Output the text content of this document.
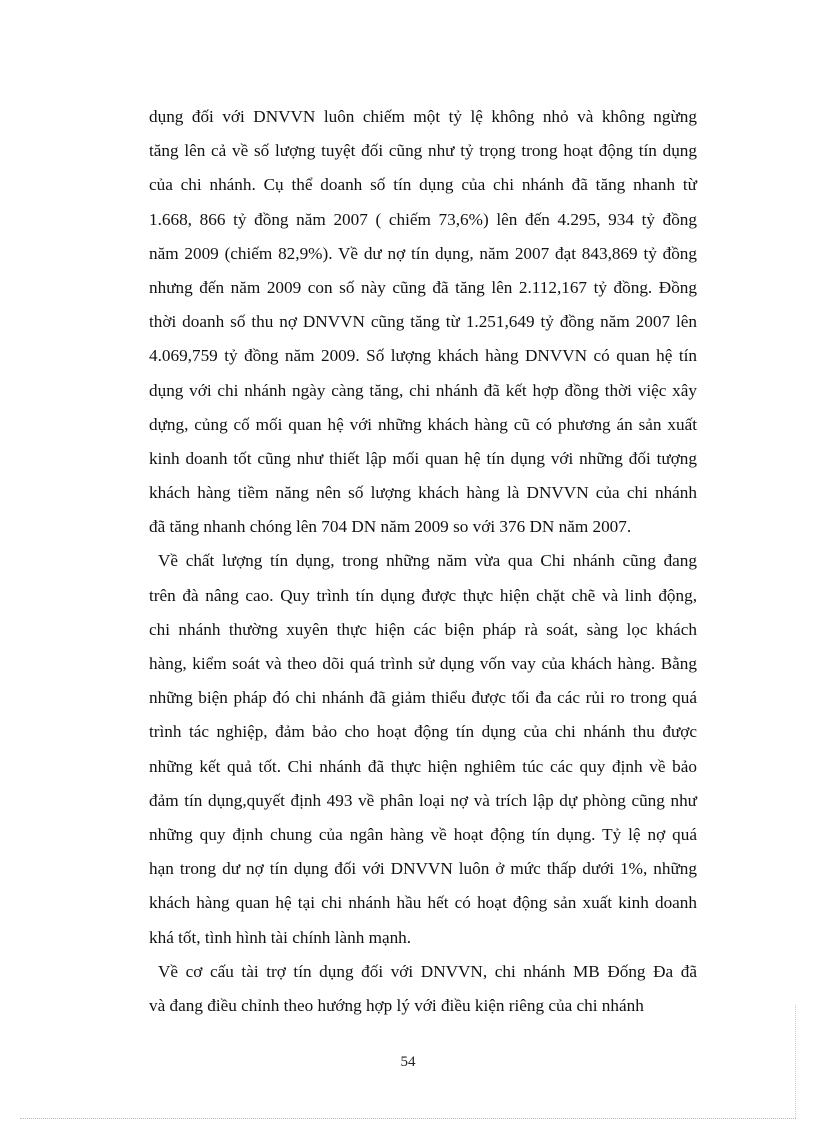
dụng đối với DNVVN luôn chiếm một tỷ lệ không nhỏ và không ngừng
tăng lên cả về số lượng tuyệt đối cũng như tỷ trọng trong hoạt động tín dụng
của chi nhánh. Cụ thể doanh số tín dụng của chi nhánh đã tăng nhanh từ
1.668, 866 tỷ đồng năm 2007 ( chiếm 73,6%) lên đến 4.295, 934 tỷ đồng
năm 2009 (chiếm 82,9%). Về dư nợ tín dụng, năm 2007 đạt 843,869 tỷ đồng
nhưng đến năm 2009 con số này cũng đã tăng lên 2.112,167 tỷ đồng. Đồng
thời doanh số thu nợ DNVVN cũng tăng từ 1.251,649 tỷ đồng năm 2007 lên
4.069,759 tỷ đồng năm 2009. Số lượng khách hàng DNVVN có quan hệ tín
dụng với chi nhánh ngày càng tăng, chi nhánh đã kết hợp đồng thời việc xây
dựng, củng cố mối quan hệ với những khách hàng cũ có phương án sản xuất
kinh doanh tốt cũng như thiết lập mối quan hệ tín dụng với những đối tượng
khách hàng tiềm năng nên số lượng khách hàng là DNVVN của chi nhánh
đã tăng nhanh chóng lên 704 DN năm 2009 so với 376 DN năm 2007.
Về chất lượng tín dụng, trong những năm vừa qua Chi nhánh cũng đang
trên đà nâng cao. Quy trình tín dụng được thực hiện chặt chẽ và linh động,
chi nhánh thường xuyên thực hiện các biện pháp rà soát, sàng lọc khách
hàng, kiểm soát và theo dõi quá trình sử dụng vốn vay của khách hàng. Bằng
những biện pháp đó chi nhánh đã giảm thiểu được tối đa các rủi ro trong quá
trình tác nghiệp, đảm bảo cho hoạt động tín dụng của chi nhánh thu được
những kết quả tốt. Chi nhánh đã thực hiện nghiêm túc các quy định về bảo
đảm tín dụng,quyết định 493 về phân loại nợ và trích lập dự phòng cũng như
những quy định chung của ngân hàng về hoạt động tín dụng. Tỷ lệ nợ quá
hạn trong dư nợ tín dụng đối với DNVVN luôn ở mức thấp dưới 1%, những
khách hàng quan hệ tại chi nhánh hầu hết có hoạt động sản xuất kinh doanh
khá tốt, tình hình tài chính lành mạnh.
Về cơ cấu tài trợ tín dụng đối với DNVVN, chi nhánh MB Đống Đa đã
và đang điều chỉnh theo hướng hợp lý với điều kiện riêng của chi nhánh
54
